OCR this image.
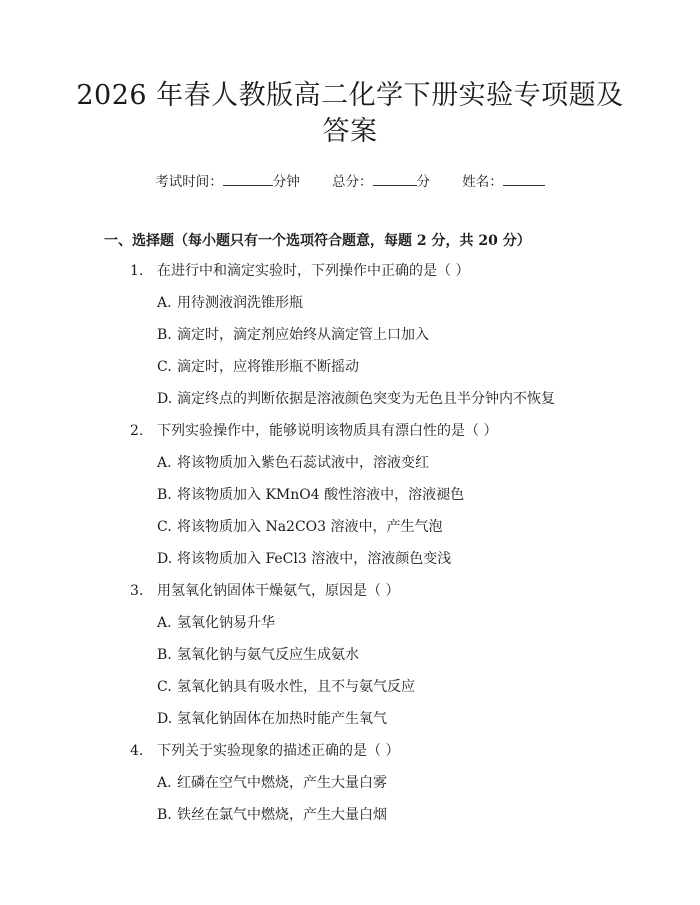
2026 年春人教版高二化学下册实验专项题及
答案
考试时间：	分钟 总分：	分 姓名：
一、选择题（每小题只有一个选项符合题意，每题 2 分，共 20 分）
1. 在进行中和滴定实验时，下列操作中正确的是（ ）
A. 用待测液润洗锥形瓶
B. 滴定时，滴定剂应始终从滴定管上口加入
C. 滴定时，应将锥形瓶不断摇动
D. 滴定终点的判断依据是溶液颜色突变为无色且半分钟内不恢复
2. 下列实验操作中，能够说明该物质具有漂白性的是（ ）
A. 将该物质加入紫色石蕊试液中，溶液变红
B. 将该物质加入 KMnO4 酸性溶液中，溶液褪色
C. 将该物质加入 Na2CO3 溶液中，产生气泡
D. 将该物质加入 FeCl3 溶液中，溶液颜色变浅
3. 用氢氧化钠固体干燥氨气，原因是（ ）
A. 氢氧化钠易升华
B. 氢氧化钠与氨气反应生成氨水
C. 氢氧化钠具有吸水性，且不与氨气反应
D. 氢氧化钠固体在加热时能产生氧气
4. 下列关于实验现象的描述正确的是（ ）
A. 红磷在空气中燃烧，产生大量白雾
B. 铁丝在氯气中燃烧，产生大量白烟
